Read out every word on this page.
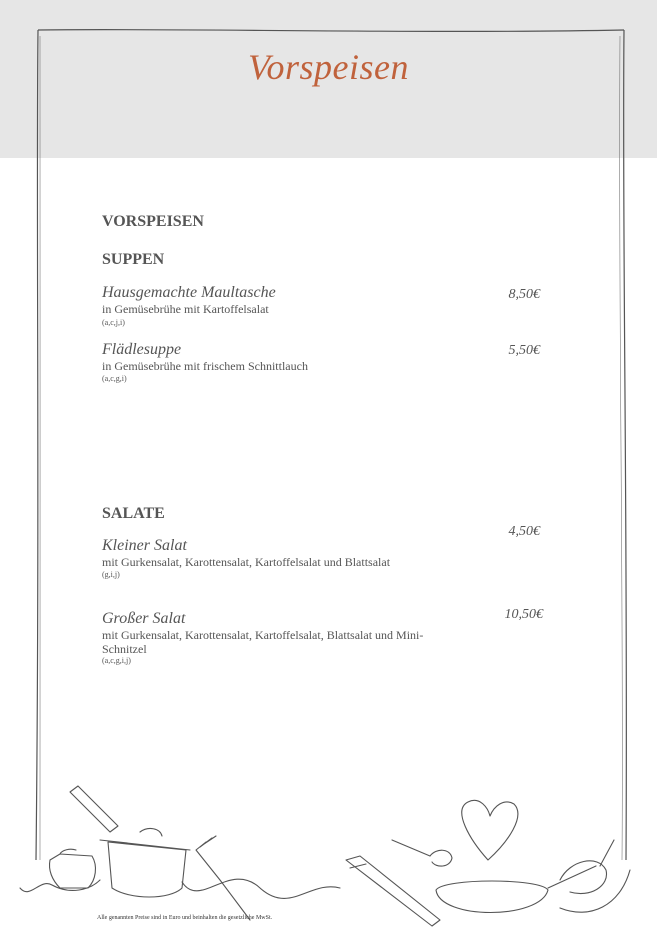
Vorspeisen
VORSPEISEN
SUPPEN
Hausgemachte Maultasche	8,50€
in Gemüsebrühe mit Kartoffelsalat
(a,c,j,i)
Flädlesuppe	5,50€
in Gemüsebrühe mit frischem Schnittlauch
(a,c,g,i)
SALATE
4,50€
Kleiner Salat
mit Gurkensalat, Karottensalat, Kartoffelsalat und Blattsalat
(g,i,j)
Großer Salat	10,50€
mit Gurkensalat, Karottensalat, Kartoffelsalat, Blattsalat und Mini-Schnitzel
(a,c,g,i,j)
Alle genannten Preise sind in Euro und beinhalten die gesetzliche MwSt.
